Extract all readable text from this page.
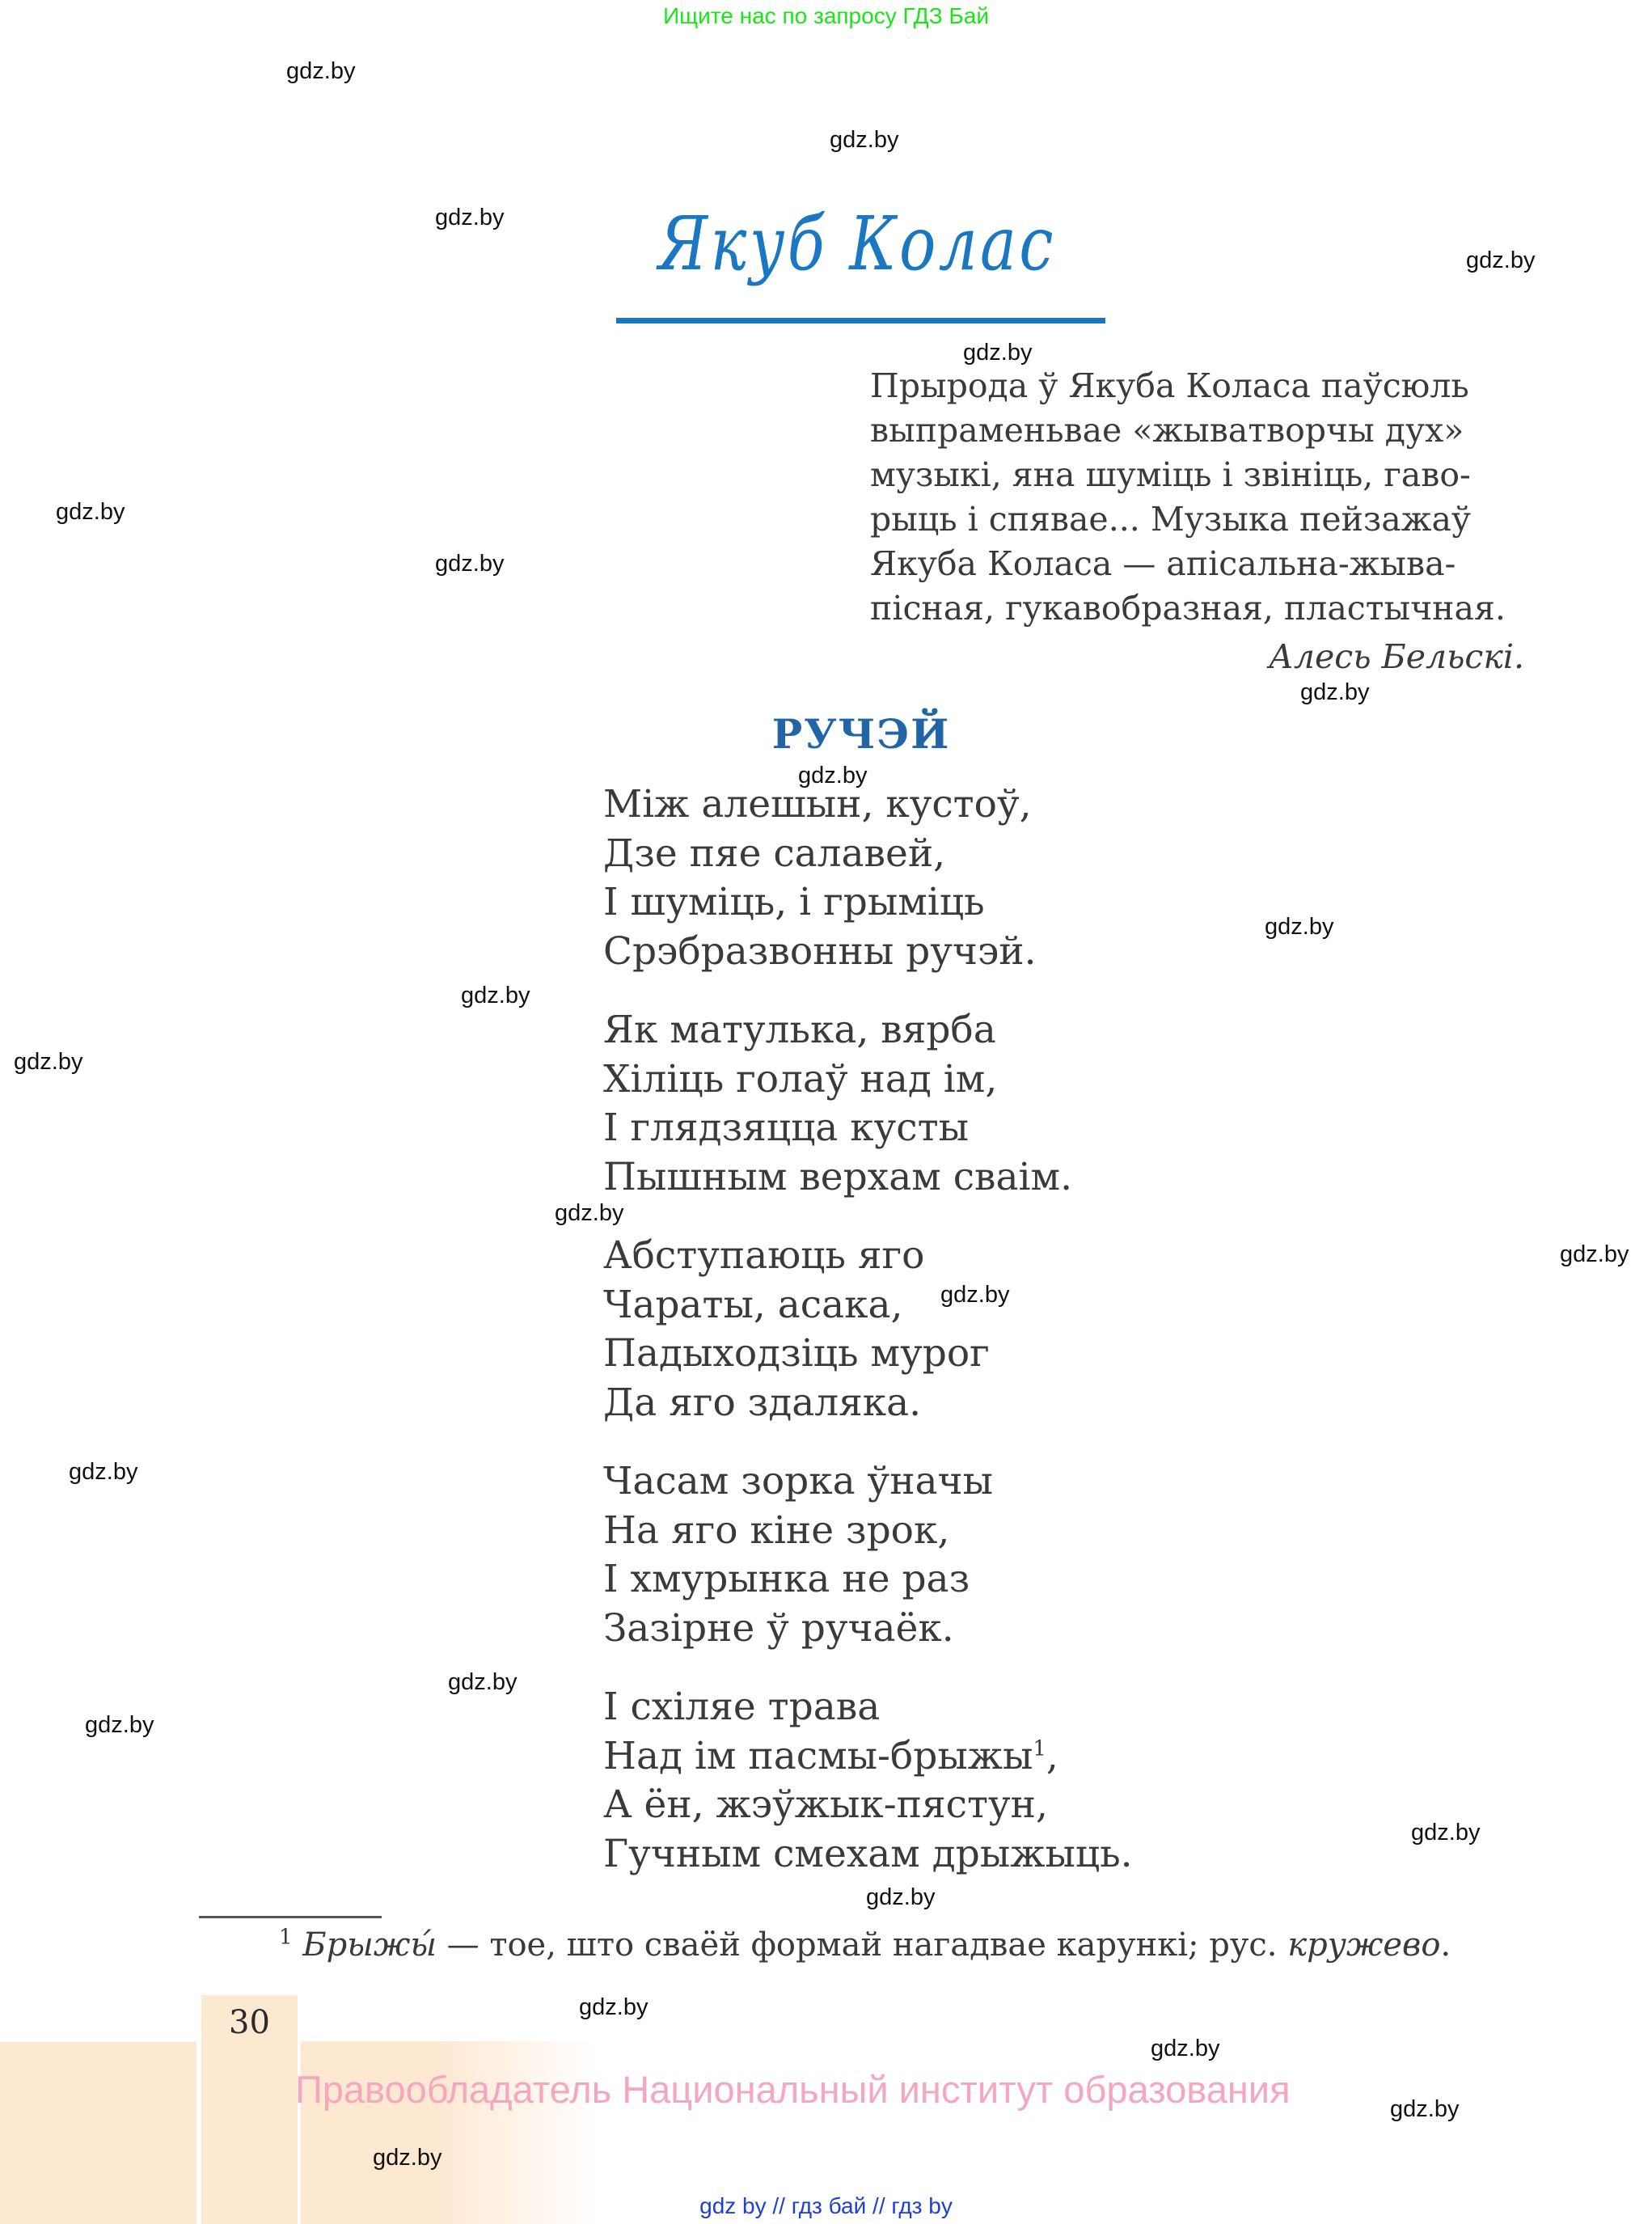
Ищите нас по запросу ГДЗ Бай
Якуб Колас
Прырода ў Якуба Коласа паўсюль
выпраменьвае «жыватворчы дух»
музыкі, яна шуміць і звініць, гаво-
рыць і спявае... Музыка пейзажаў
Якуба Коласа — апісальна-жыва-
пісная, гукавобразная, пластычная.
Алесь Бельскі.
РУЧЭЙ
Між алешын, кустоў,
Дзе пяе салавей,
І шуміць, і грыміць
Срэбразвонны ручэй.
Як матулька, вярба
Хіліць голаў над ім,
І глядзяцца кусты
Пышным верхам сваім.
Абступаюць яго
Чараты, асака,
Падыходзіць мурог
Да яго здаляка.
Часам зорка ўначы
На яго кіне зрок,
І хмурынка не раз
Зазірне ў ручаёк.
І схіляе трава
Над ім пасмы-брыжы$^1$,
А ён, жэўжык-пястун,
Гучным смехам дрыжыць.
$^1$ Брыжы́ — тое, што сваёй формай нагадвае карункі; рус. кружево.
30
Правообладатель Национальный институт образования
gdz.by
gdz.by
gdz.by
gdz.by
gdz.by
gdz.by
gdz.by
gdz.by
gdz.by
gdz.by
gdz.by
gdz.by
gdz.by
gdz.by
gdz.by
gdz.by
gdz.by
gdz.by
gdz.by
gdz.by
gdz.by
gdz.by
gdz.by
gdz.by
gdz by // гдз бай // гдз by
